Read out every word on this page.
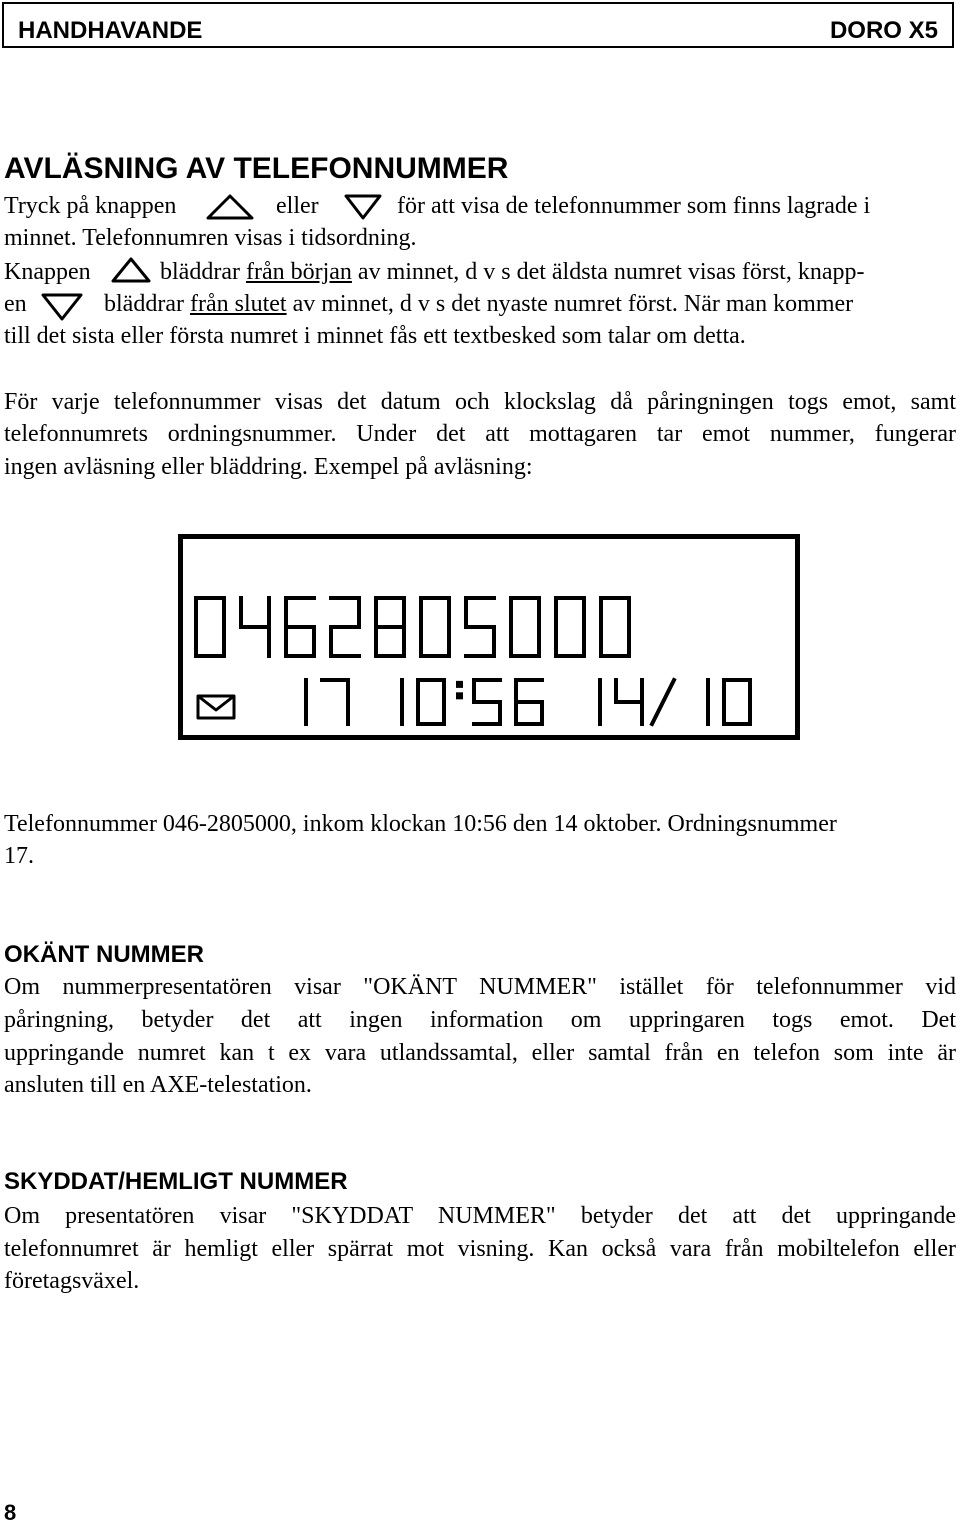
HANDHAVANDE	DORO X5
AVLÄSNING AV TELEFONNUMMER
Tryck på knappen	eller	för att visa de telefonnummer som finns lagrade i
minnet. Telefonnumren visas i tidsordning.
Knappen	bläddrar från början av minnet, d v s det äldsta numret visas först, knapp-
en	bläddrar från slutet av minnet, d v s det nyaste numret först. När man kommer
till det sista eller första numret i minnet fås ett textbesked som talar om detta.
För varje telefonnummer visas det datum och klockslag då påringningen togs emot, samt
telefonnumrets ordningsnummer. Under det att mottagaren tar emot nummer, fungerar
ingen avläsning eller bläddring. Exempel på avläsning:
Telefonnummer 046-2805000, inkom klockan 10:56 den 14 oktober. Ordningsnummer
17.
OKÄNT NUMMER
Om nummerpresentatören visar "OKÄNT NUMMER" istället för telefonnummer vid
påringning, betyder det att ingen information om uppringaren togs emot. Det
uppringande numret kan t ex vara utlandssamtal, eller samtal från en telefon som inte är
ansluten till en AXE-telestation.
SKYDDAT/HEMLIGT NUMMER
Om presentatören visar "SKYDDAT NUMMER" betyder det att det uppringande
telefonnumret är hemligt eller spärrat mot visning. Kan också vara från mobiltelefon eller
företagsväxel.
8
